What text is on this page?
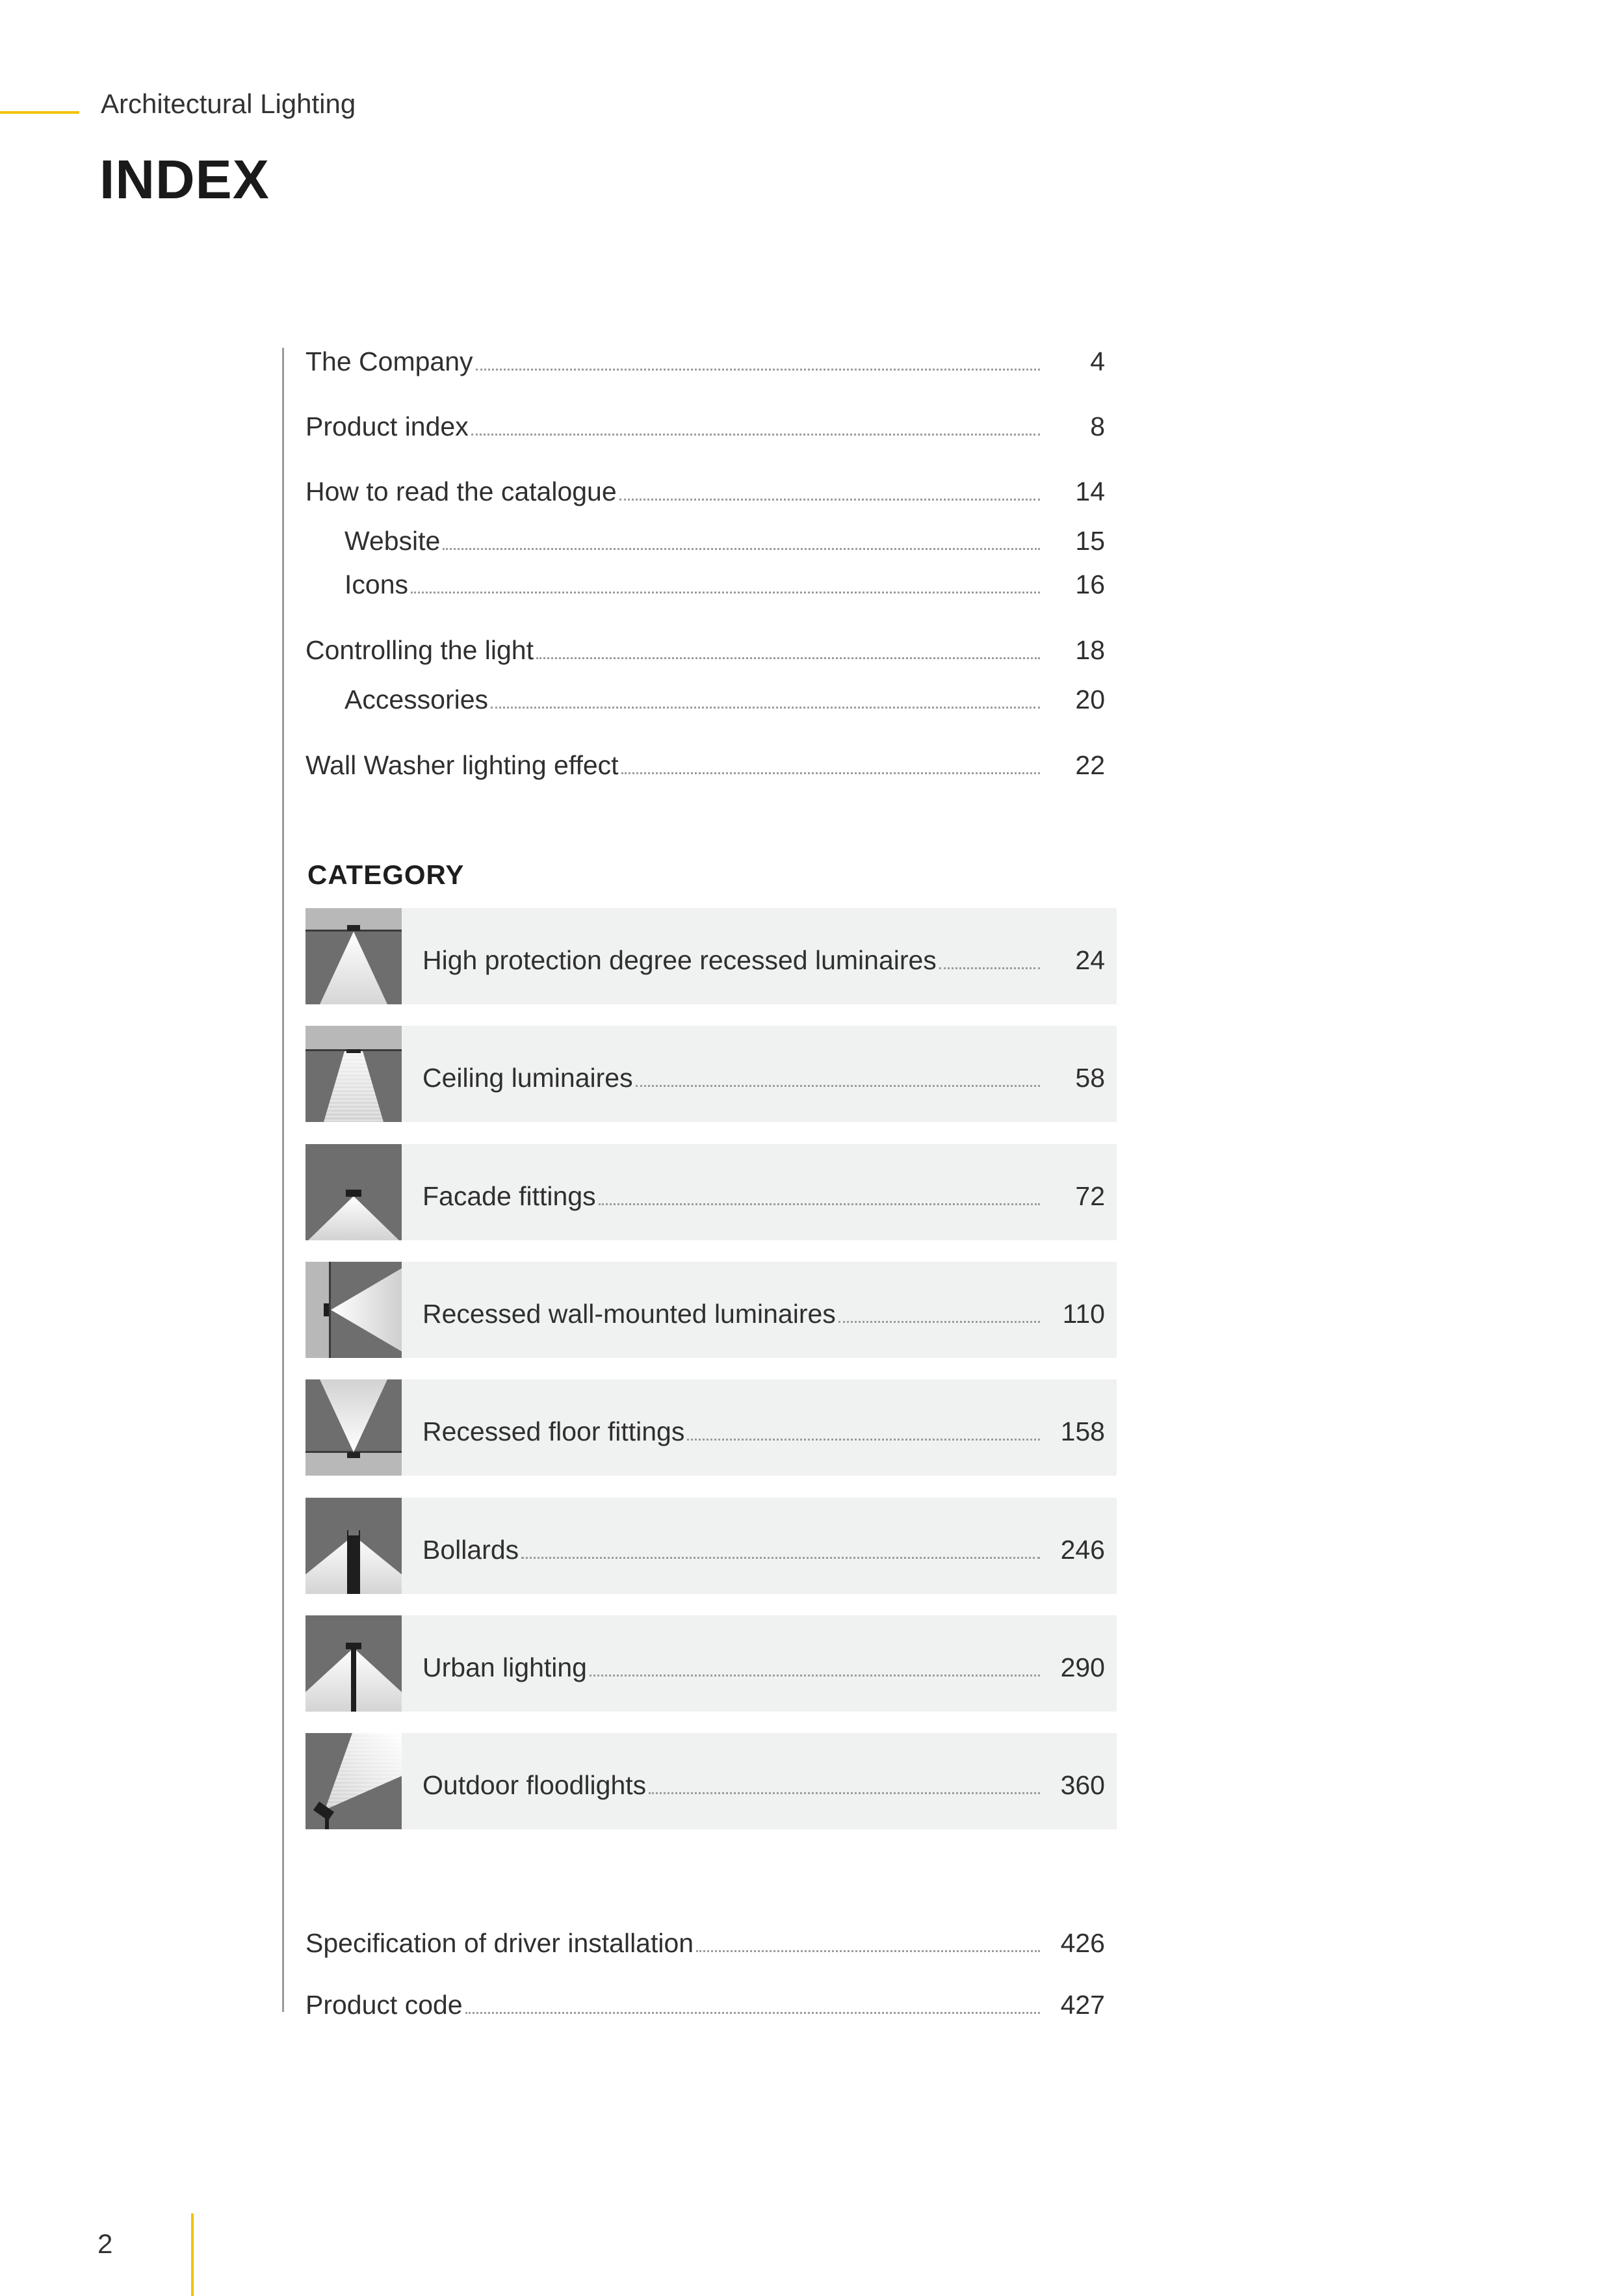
Architectural Lighting
INDEX
The Company	4
Product index	8
How to read the catalogue	14
Website	15
Icons	16
Controlling the light	18
Accessories	20
Wall Washer lighting effect	22
CATEGORY
High protection degree recessed luminaires	24
Ceiling luminaires	58
Facade fittings	72
Recessed wall-mounted luminaires	110
Recessed floor fittings	158
Bollards	246
Urban lighting	290
Outdoor floodlights	360
Specification of driver installation	426
Product code	427
2
